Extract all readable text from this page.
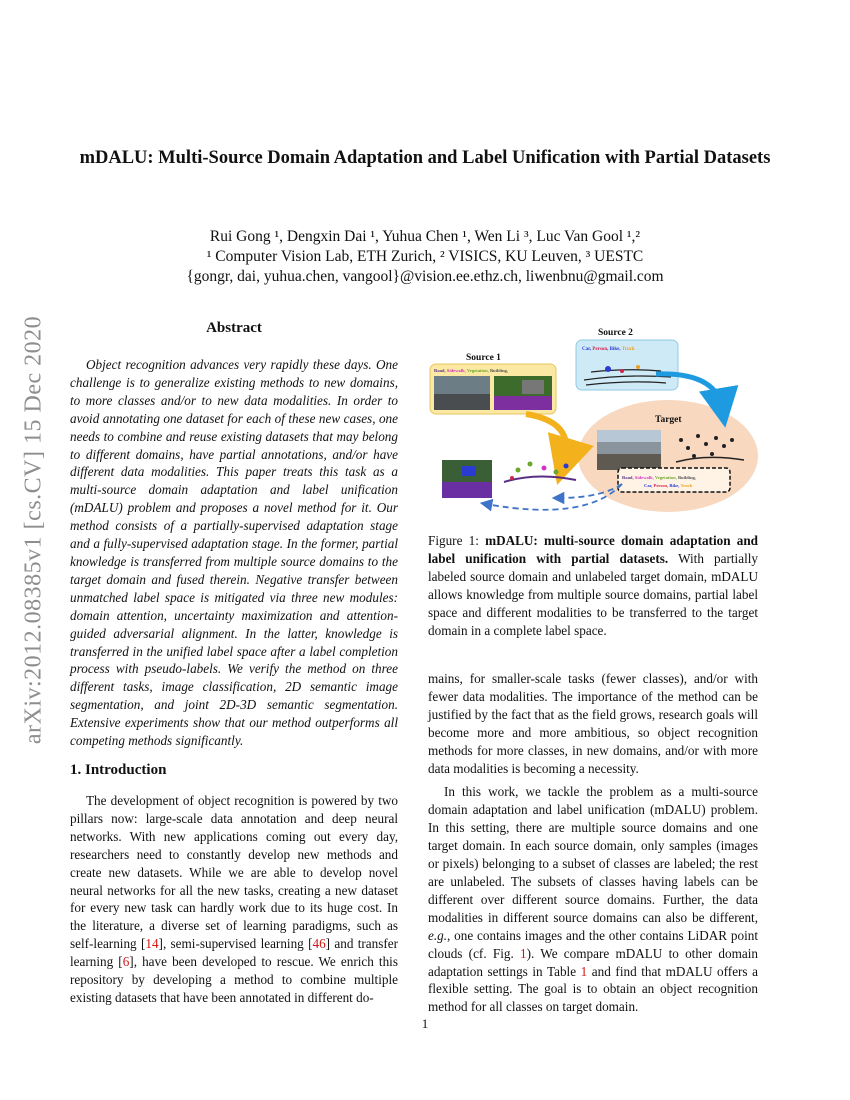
arXiv:2012.08385v1 [cs.CV] 15 Dec 2020
mDALU: Multi-Source Domain Adaptation and Label Unification with Partial Datasets
Rui Gong ¹, Dengxin Dai ¹, Yuhua Chen ¹, Wen Li ³, Luc Van Gool ¹,²
¹ Computer Vision Lab, ETH Zurich, ² VISICS, KU Leuven, ³ UESTC
{gongr, dai, yuhua.chen, vangool}@vision.ee.ethz.ch, liwenbnu@gmail.com
Abstract
Object recognition advances very rapidly these days. One challenge is to generalize existing methods to new domains, to more classes and/or to new data modalities. In order to avoid annotating one dataset for each of these new cases, one needs to combine and reuse existing datasets that may belong to different domains, have partial annotations, and/or have different data modalities. This paper treats this task as a multi-source domain adaptation and label unification (mDALU) problem and proposes a novel method for it. Our method consists of a partially-supervised adaptation stage and a fully-supervised adaptation stage. In the former, partial knowledge is transferred from multiple source domains to the target domain and fused therein. Negative transfer between unmatched label space is mitigated via three new modules: domain attention, uncertainty maximization and attention-guided adversarial alignment. In the latter, knowledge is transferred in the unified label space after a label completion process with pseudo-labels. We verify the method on three different tasks, image classification, 2D semantic image segmentation, and joint 2D-3D semantic segmentation. Extensive experiments show that our method outperforms all competing methods significantly.
1. Introduction
The development of object recognition is powered by two pillars now: large-scale data annotation and deep neural networks. With new applications coming out every day, researchers need to constantly develop new methods and create new datasets. While we are able to develop novel neural networks for all the new tasks, creating a new dataset for every new task can hardly work due to its huge cost. In the literature, a diverse set of learning paradigms, such as self-learning [14], semi-supervised learning [46] and transfer learning [6], have been developed to rescue. We enrich this repository by developing a method to combine multiple existing datasets that have been annotated in different do-
Source 2
Car, Person, Bike, Truck
Source 1
Road, Sidewalk, Vegetation, Building,
Target
Road, Sidewalk, Vegetation, Building,
Car, Person, Bike, Truck
Figure 1: mDALU: multi-source domain adaptation and label unification with partial datasets. With partially labeled source domain and unlabeled target domain, mDALU allows knowledge from multiple source domains, partial label space and different modalities to be transferred to the target domain in a complete label space.

mains, for smaller-scale tasks (fewer classes), and/or with fewer data modalities. The importance of the method can be justified by the fact that as the field grows, research goals will become more and more ambitious, so object recognition methods for more classes, in new domains, and/or with more data modalities is becoming a necessity.

In this work, we tackle the problem as a multi-source domain adaptation and label unification (mDALU) problem. In this setting, there are multiple source domains and one target domain. In each source domain, only samples (images or pixels) belonging to a subset of classes are labeled; the rest are unlabeled. The subsets of classes having labels can be different over different source domains. Further, the data modalities in different source domains can also be different, e.g., one contains images and the other contains LiDAR point clouds (cf. Fig. 1). We compare mDALU to other domain adaptation settings in Table 1 and find that mDALU offers a flexible setting. The goal is to obtain an object recognition method for all classes on target domain.

1
